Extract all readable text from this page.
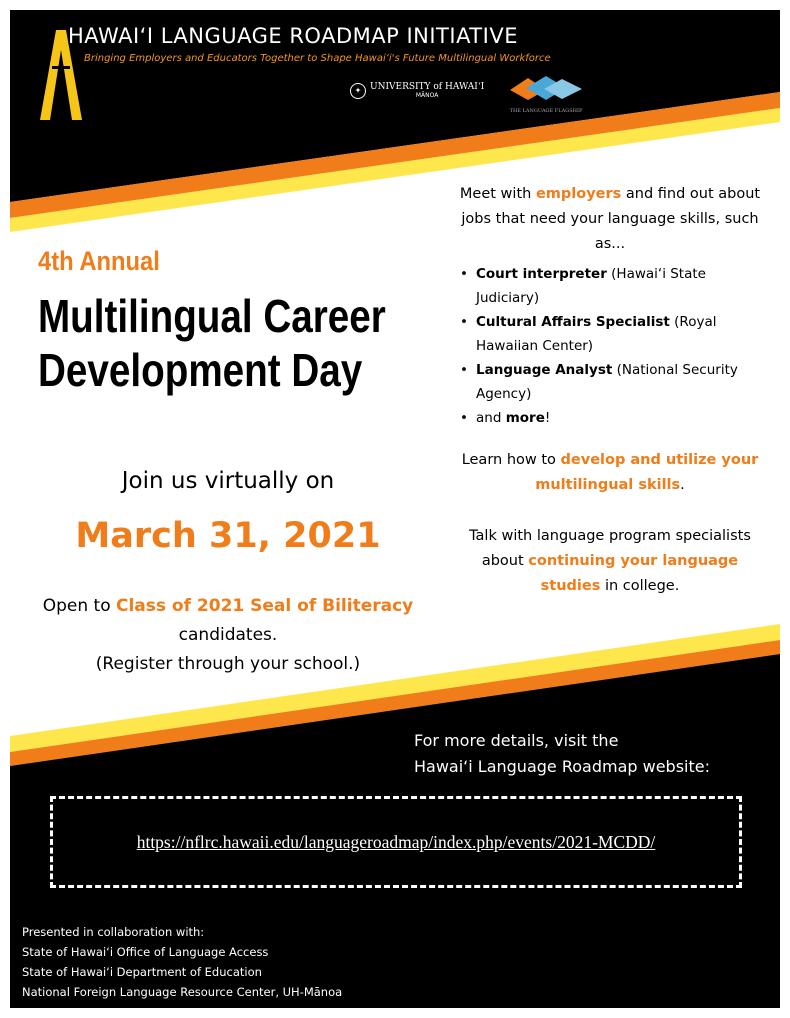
HAWAI‘I LANGUAGE ROADMAP INITIATIVE
Bringing Employers and Educators Together to Shape Hawai‘i's Future Multilingual Workforce
✦ UNIVERSITY of HAWAI‘I
MĀNOA
THE LANGUAGE FLAGSHIP
4th Annual
Multilingual Career
Development Day
Join us virtually on
March 31, 2021
Open to Class of 2021 Seal of Biliteracy candidates.
(Register through your school.)
Meet with employers and find out about jobs that need your language skills, such as...
• Court interpreter (Hawai‘i State Judiciary)
• Cultural Affairs Specialist (Royal Hawaiian Center)
• Language Analyst (National Security Agency)
• and more!
Learn how to develop and utilize your multilingual skills.
Talk with language program specialists about continuing your language studies in college.
For more details, visit the
Hawai‘i Language Roadmap website:
https://nflrc.hawaii.edu/languageroadmap/index.php/events/2021-MCDD/
Presented in collaboration with:
State of Hawai‘i Office of Language Access
State of Hawai‘i Department of Education
National Foreign Language Resource Center, UH-Mānoa
